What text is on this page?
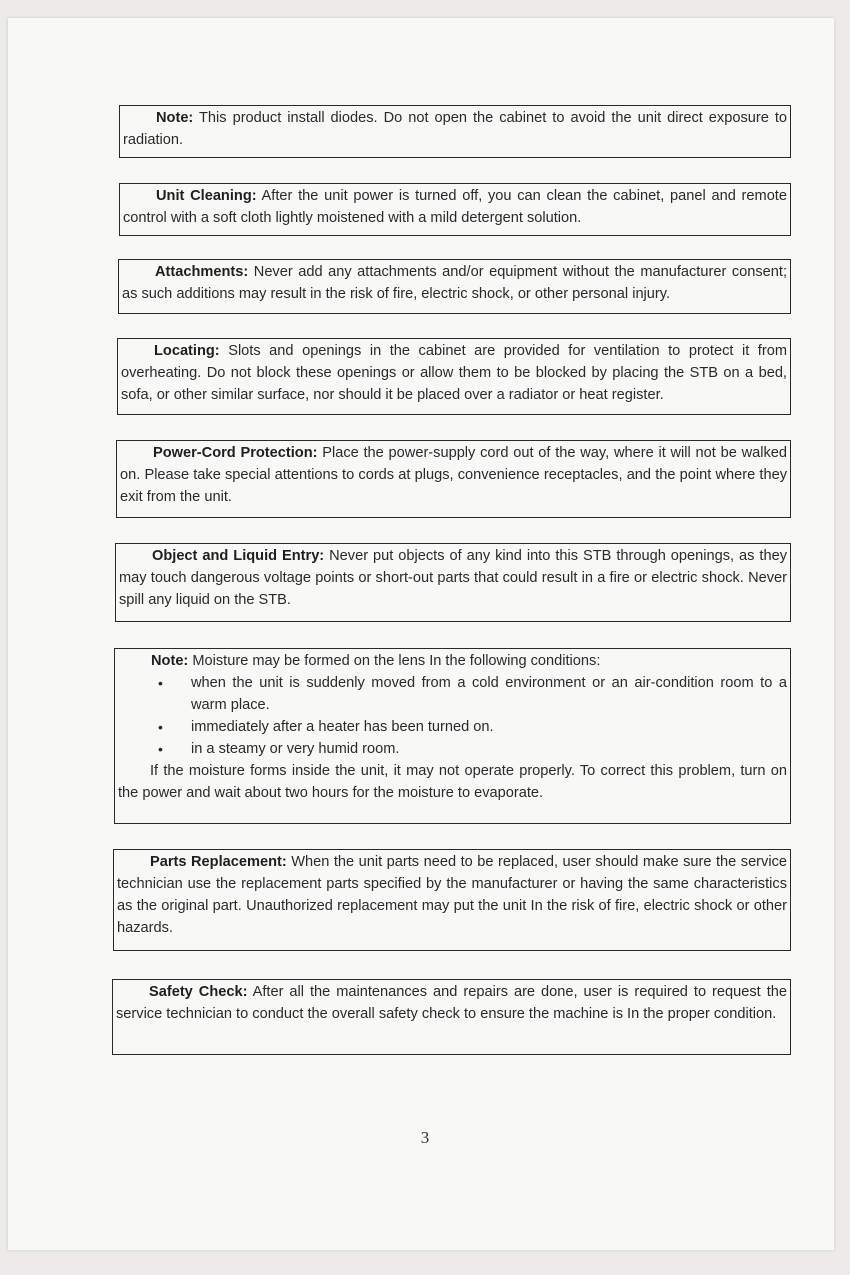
Note: This product install diodes. Do not open the cabinet to avoid the unit direct exposure to radiation.

Unit Cleaning: After the unit power is turned off, you can clean the cabinet, panel and remote control with a soft cloth lightly moistened with a mild detergent solution.

Attachments: Never add any attachments and/or equipment without the manufacturer consent; as such additions may result in the risk of fire, electric shock, or other personal injury.

Locating: Slots and openings in the cabinet are provided for ventilation to protect it from overheating. Do not block these openings or allow them to be blocked by placing the STB on a bed, sofa, or other similar surface, nor should it be placed over a radiator or heat register.

Power-Cord Protection: Place the power-supply cord out of the way, where it will not be walked on. Please take special attentions to cords at plugs, convenience receptacles, and the point where they exit from the unit.

Object and Liquid Entry: Never put objects of any kind into this STB through openings, as they may touch dangerous voltage points or short-out parts that could result in a fire or electric shock. Never spill any liquid on the STB.

Note: Moisture may be formed on the lens In the following conditions:

• when the unit is suddenly moved from a cold environment or an air-condition room to a warm place.
• immediately after a heater has been turned on.
• in a steamy or very humid room.

If the moisture forms inside the unit, it may not operate properly. To correct this problem, turn on the power and wait about two hours for the moisture to evaporate.

Parts Replacement: When the unit parts need to be replaced, user should make sure the service technician use the replacement parts specified by the manufacturer or having the same characteristics as the original part. Unauthorized replacement may put the unit In the risk of fire, electric shock or other hazards.

Safety Check: After all the maintenances and repairs are done, user is required to request the service technician to conduct the overall safety check to ensure the machine is In the proper condition.

3
